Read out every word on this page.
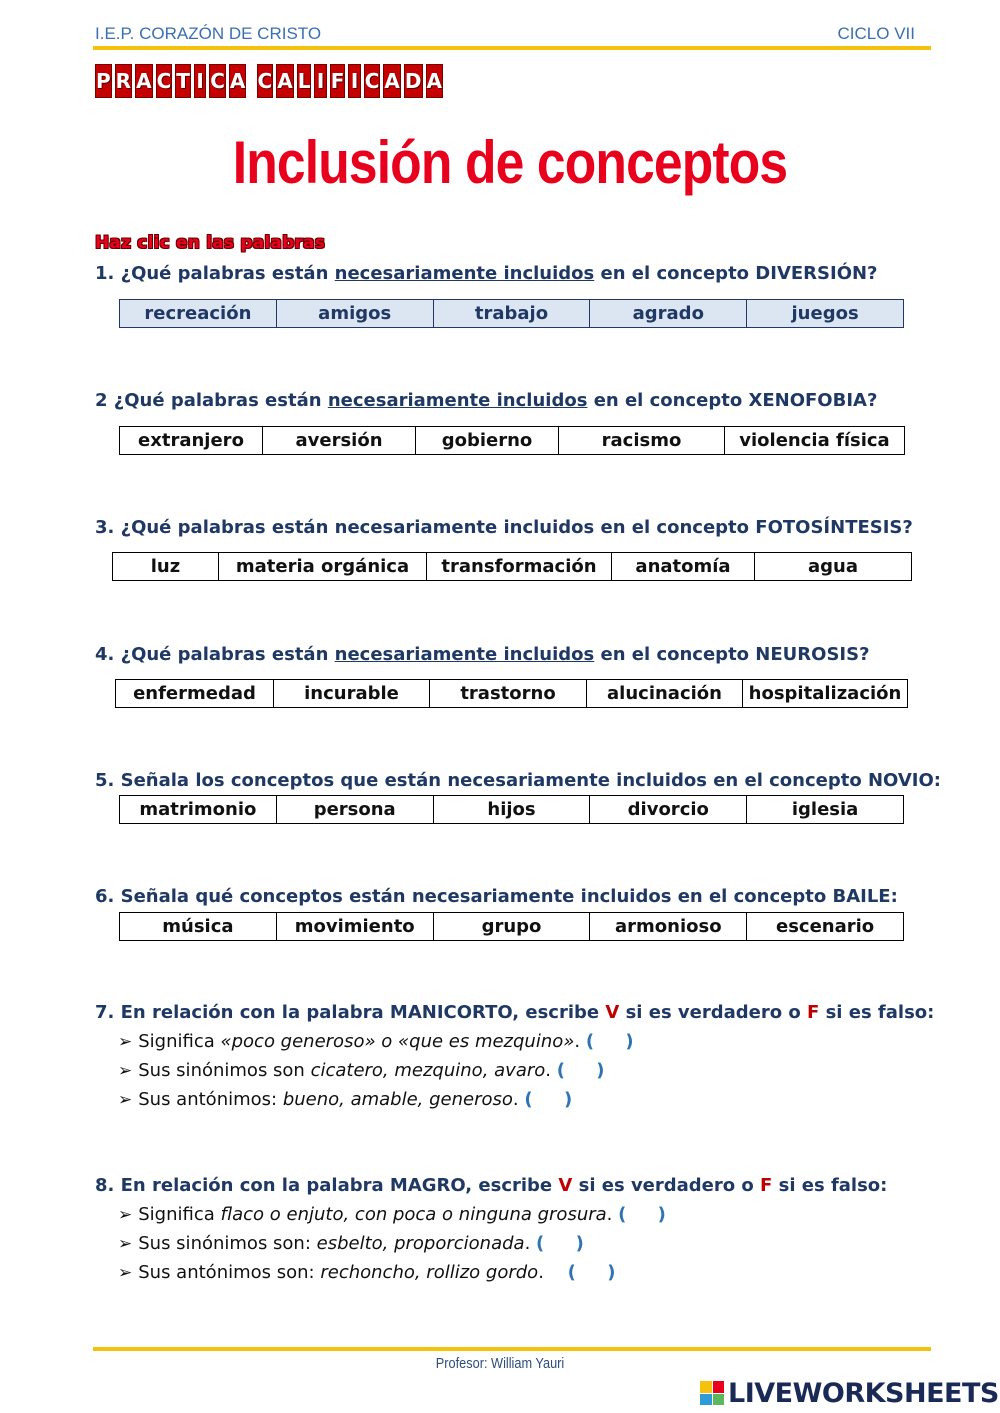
I.E.P. CORAZÓN DE CRISTO	CICLO VII
P R A C T I C A C A L I F I C A D A
Inclusión de conceptos
Haz clic en las palabras
1. ¿Qué palabras están necesariamente incluidos en el concepto DIVERSIÓN?
recreación	amigos	trabajo	agrado	juegos
2 ¿Qué palabras están necesariamente incluidos en el concepto XENOFOBIA?
extranjero	aversión	gobierno	racismo	violencia física
3. ¿Qué palabras están necesariamente incluidos en el concepto FOTOSÍNTESIS?
luz	materia orgánica	transformación	anatomía	agua
4. ¿Qué palabras están necesariamente incluidos en el concepto NEUROSIS?
enfermedad	incurable	trastorno	alucinación	hospitalización
5. Señala los conceptos que están necesariamente incluidos en el concepto NOVIO:
matrimonio	persona	hijos	divorcio	iglesia
6. Señala qué conceptos están necesariamente incluidos en el concepto BAILE:
música	movimiento	grupo	armonioso	escenario
7. En relación con la palabra MANICORTO, escribe V si es verdadero o F si es falso:
➢ Significa «poco generoso» o «que es mezquino». (     )
➢ Sus sinónimos son cicatero, mezquino, avaro. (     )
➢ Sus antónimos: bueno, amable, generoso. (     )
8. En relación con la palabra MAGRO, escribe V si es verdadero o F si es falso:
➢ Significa flaco o enjuto, con poca o ninguna grosura. (     )
➢ Sus sinónimos son: esbelto, proporcionada. (     )
➢ Sus antónimos son: rechoncho, rollizo gordo. (     )
Profesor: William Yauri
LIVEWORKSHEETS
